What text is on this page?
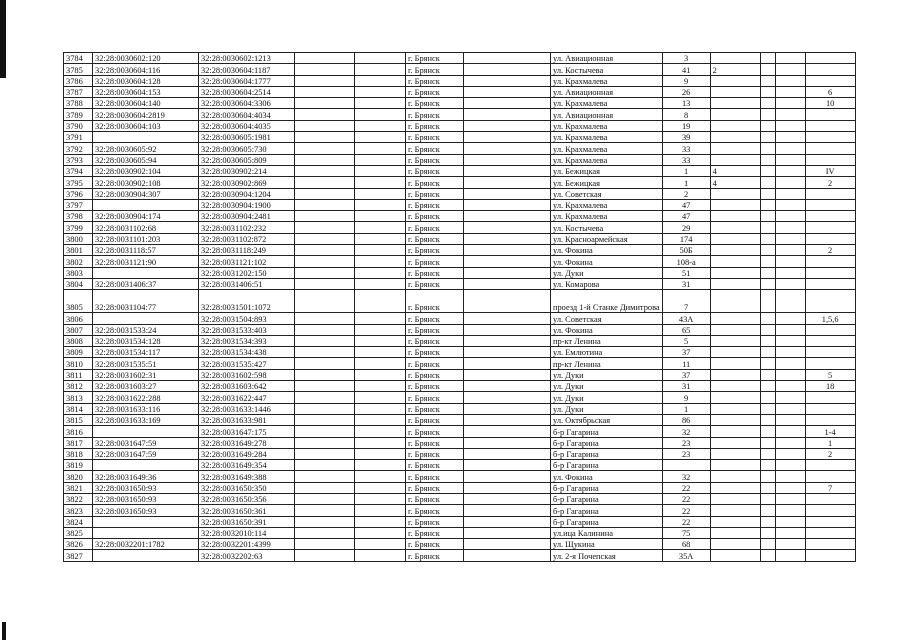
3784	32:28:0030602:120	32:28:0030602:1213			г. Брянск		ул. Авиационная	3				
3785	32:28:0030604:116	32:28:0030604:1187			г. Брянск		ул. Костычева	41	2			
3786	32:28:0030604:128	32:28:0030604:1777			г. Брянск		ул. Крахмалева	9				
3787	32:28:0030604:153	32:28:0030604:2514			г. Брянск		ул. Авиационная	26				6
3788	32:28:0030604:140	32:28:0030604:3306			г. Брянск		ул. Крахмалева	13				10
3789	32:28:0030604:2819	32:28:0030604:4034			г. Брянск		ул. Авиационная	8				
3790	32:28:0030604:103	32:28:0030604:4035			г. Брянск		ул. Крахмалева	19				
3791		32:28:0030605:1981			г. Брянск		ул. Крахмалева	39				
3792	32:28:0030605:92	32:28:0030605:730			г. Брянск		ул. Крахмалева	33				
3793	32:28:0030605:94	32:28:0030605:809			г. Брянск		ул. Крахмалева	33				
3794	32:28:0030902:104	32:28:0030902:214			г. Брянск		ул. Бежицкая	1	4			IV
3795	32:28:0030902:108	32:28:0030902:869			г. Брянск		ул. Бежицкая	1	4			2
3796	32:28:0030904:307	32:28:0030904:1204			г. Брянск		ул. Советская	2				
3797		32:28:0030904:1900			г. Брянск		ул. Крахмалева	47				
3798	32:28:0030904:174	32:28:0030904:2481			г. Брянск		ул. Крахмалева	47				
3799	32:28:0031102:68	32:28:0031102:232			г. Брянск		ул. Костычева	29				
3800	32:28:0031101:203	32:28:0031102:872			г. Брянск		ул. Красноармейская	174				
3801	32:28:0031118:57	32:28:0031118:249			г. Брянск		ул. Фокина	50Б				2
3802	32:28:0031121:90	32:28:0031121:102			г. Брянск		ул. Фокина	108-а				
3803		32:28:0031202:150			г. Брянск		ул. Дуки	51				
3804	32:28:0031406:37	32:28:0031406:51			г. Брянск		ул. Комарова	31				
3805	32:28:0031104:77	32:28:0031501:1072			г. Брянск		проезд 1-й Станке Димитрова	7				
3806		32:28:0031504:893			г. Брянск		ул. Советская	43А				1,5,6
3807	32:28:0031533:24	32:28:0031533:403			г. Брянск		ул. Фокина	65				
3808	32:28:0031534:128	32:28:0031534:393			г. Брянск		пр-кт Ленина	5				
3809	32:28:0031534:117	32:28:0031534:438			г. Брянск		ул. Емлютина	37				
3810	32:28:0031535:51	32:28:0031535:427			г. Брянск		пр-кт Ленина	11				
3811	32:28:0031602:31	32:28:0031602:598			г. Брянск		ул. Дуки	37				5
3812	32:28:0031603:27	32:28:0031603:642			г. Брянск		ул. Дуки	31				18
3813	32:28:0031622:288	32:28:0031622:447			г. Брянск		ул. Дуки	9				
3814	32:28:0031633:116	32:28:0031633:1446			г. Брянск		ул. Дуки	1				
3815	32:28:0031633:169	32:28:0031633:981			г. Брянск		ул. Октябрьская	86				
3816		32:28:0031647:175			г. Брянск		б-р Гагарина	32				1-4
3817	32:28:0031647:59	32:28:0031649:278			г. Брянск		б-р Гагарина	23				1
3818	32:28:0031647:59	32:28:0031649:284			г. Брянск		б-р Гагарина	23				2
3819		32:28:0031649:354			г. Брянск		б-р Гагарина					
3820	32:28:0031649:36	32:28:0031649:388			г. Брянск		ул. Фокина	32				
3821	32:28:0031650:93	32:28:0031650:350			г. Брянск		б-р Гагарина	22				7
3822	32:28:0031650:93	32:28:0031650:356			г. Брянск		б-р Гагарина	22				
3823	32:28:0031650:93	32:28:0031650:361			г. Брянск		б-р Гагарина	22				
3824		32:28:0031650:391			г. Брянск		б-р Гагарина	22				
3825		32:28:0032010:114			г. Брянск		ул.ица Калинина	75				
3826	32:28:0032201:1782	32:28:0032201:4399			г. Брянск		ул. Щукина	68				
3827		32:28:0032202:63			г. Брянск		ул. 2-я Почепская	35А				
